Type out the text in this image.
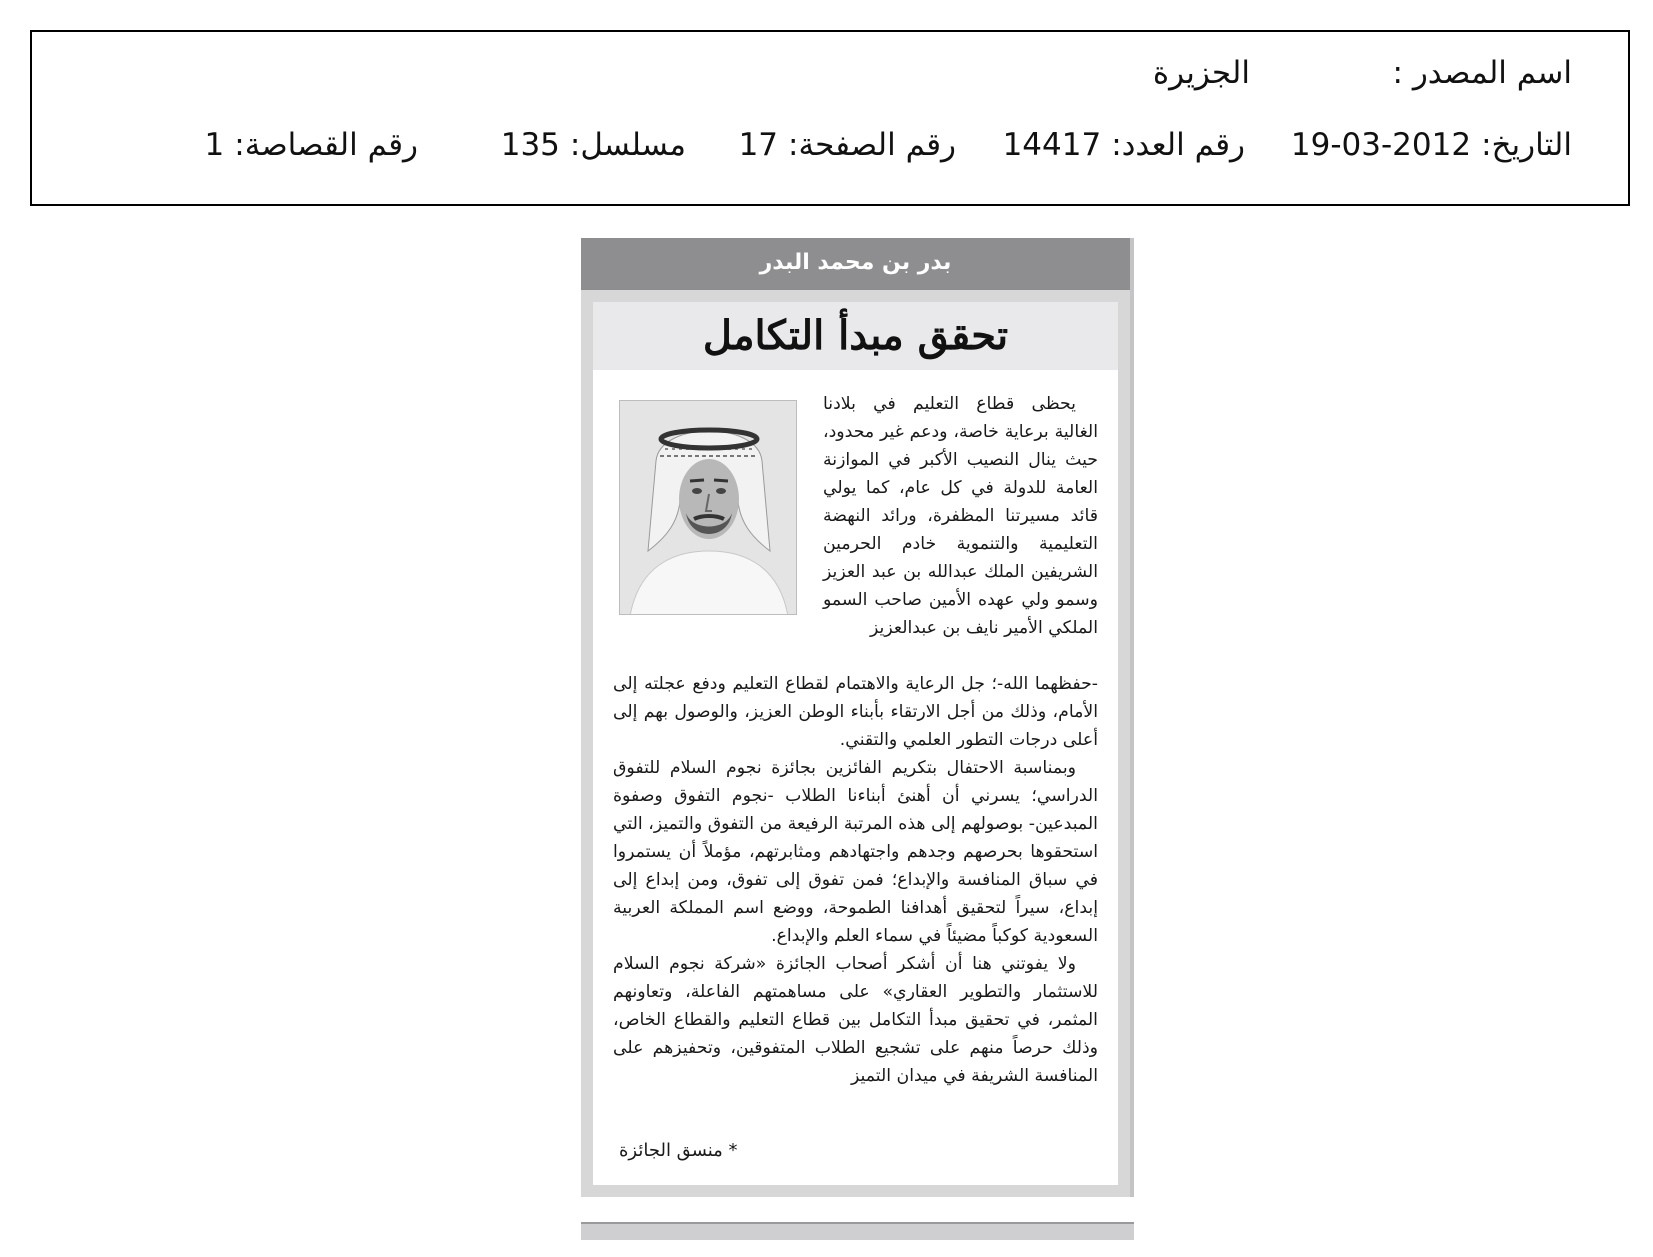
اسم المصدر :
الجزيرة
التاريخ:2012-03-19
رقم العدد:14417
رقم الصفحة:17
مسلسل:135
رقم القصاصة:1
بدر بن محمد البدر
تحقق مبدأ التكامل

يحظى قطاع التعليم في بلادنا الغالية برعاية خاصة، ودعم غير محدود، حيث ينال النصيب الأكبر في الموازنة العامة للدولة في كل عام، كما يولي قائد مسيرتنا المظفرة، ورائد النهضة التعليمية والتنموية خادم الحرمين الشريفين الملك عبدالله بن عبد العزيز وسمو ولي عهده الأمين صاحب السمو الملكي الأمير نايف بن عبدالعزيز

-حفظهما الله-؛ جل الرعاية والاهتمام لقطاع التعليم ودفع عجلته إلى الأمام، وذلك من أجل الارتقاء بأبناء الوطن العزيز، والوصول بهم إلى أعلى درجات التطور العلمي والتقني.

وبمناسبة الاحتفال بتكريم الفائزين بجائزة نجوم السلام للتفوق الدراسي؛ يسرني أن أهنئ أبناءنا الطلاب -نجوم التفوق وصفوة المبدعين- بوصولهم إلى هذه المرتبة الرفيعة من التفوق والتميز، التي استحقوها بحرصهم وجدهم واجتهادهم ومثابرتهم، مؤملاً أن يستمروا في سباق المنافسة والإبداع؛ فمن تفوق إلى تفوق، ومن إبداع إلى إبداع، سيراً لتحقيق أهدافنا الطموحة، ووضع اسم المملكة العربية السعودية كوكباً مضيئاً في سماء العلم والإبداع.

ولا يفوتني هنا أن أشكر أصحاب الجائزة «شركة نجوم السلام للاستثمار والتطوير العقاري» على مساهمتهم الفاعلة، وتعاونهم المثمر، في تحقيق مبدأ التكامل بين قطاع التعليم والقطاع الخاص، وذلك حرصاً منهم على تشجيع الطلاب المتفوقين، وتحفيزهم على المنافسة الشريفة في ميدان التميز

* منسق الجائزة
